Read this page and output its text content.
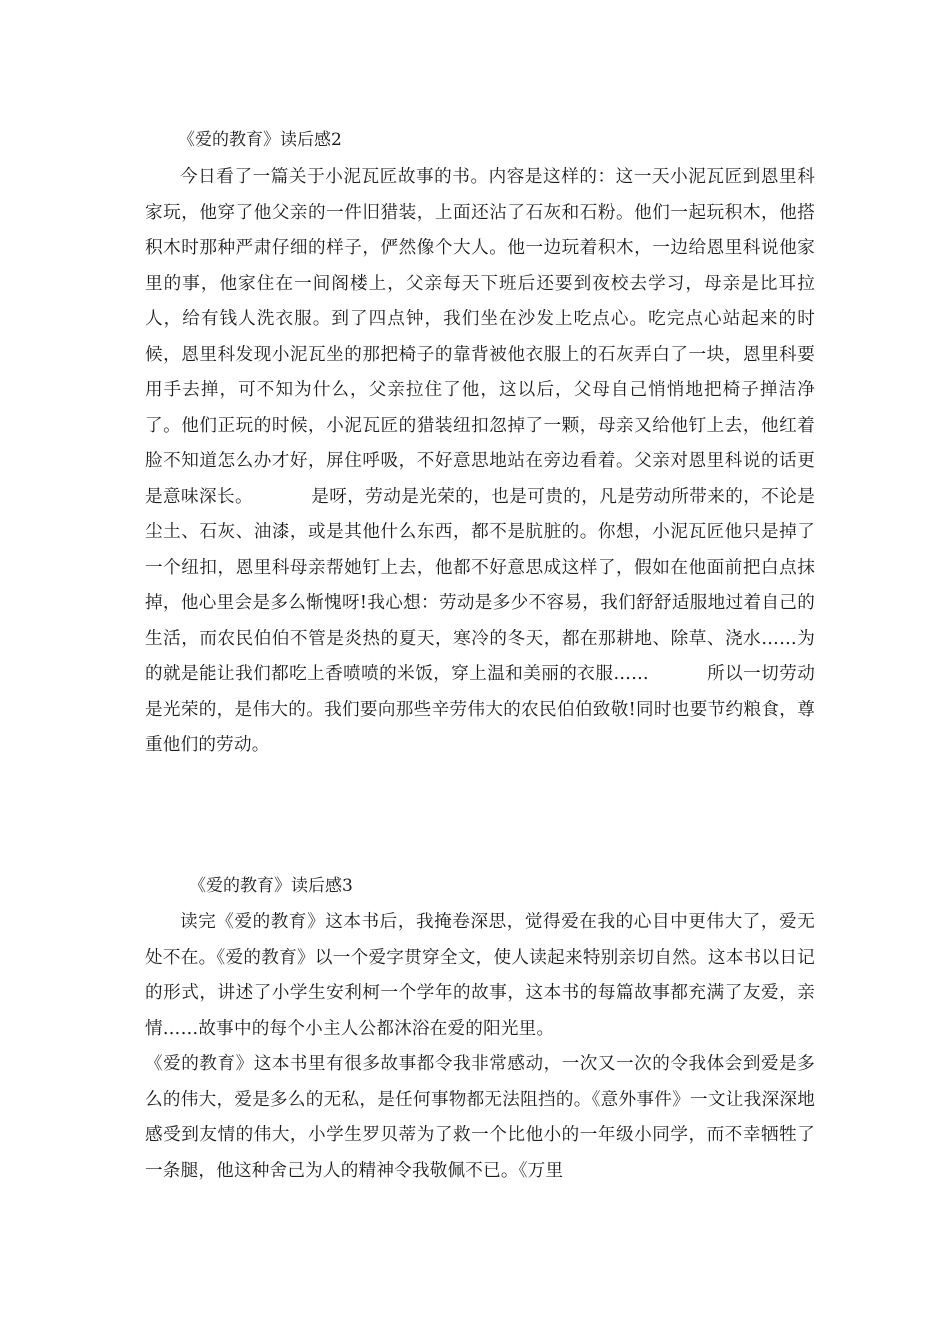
《爱的教育》读后感2

今日看了一篇关于小泥瓦匠故事的书。内容是这样的：这一天小泥瓦匠到恩里科家玩，他穿了他父亲的一件旧猎装，上面还沾了石灰和石粉。他们一起玩积木，他搭积木时那种严肃仔细的样子，俨然像个大人。他一边玩着积木，一边给恩里科说他家里的事，他家住在一间阁楼上，父亲每天下班后还要到夜校去学习，母亲是比耳拉人，给有钱人洗衣服。到了四点钟，我们坐在沙发上吃点心。吃完点心站起来的时候，恩里科发现小泥瓦坐的那把椅子的靠背被他衣服上的石灰弄白了一块，恩里科要用手去掸，可不知为什么，父亲拉住了他，这以后，父母自己悄悄地把椅子掸洁净了。他们正玩的时候，小泥瓦匠的猎装纽扣忽掉了一颗，母亲又给他钉上去，他红着脸不知道怎么办才好，屏住呼吸，不好意思地站在旁边看着。父亲对恩里科说的话更是意味深长。	是呀，劳动是光荣的，也是可贵的，凡是劳动所带来的，不论是尘土、石灰、油漆，或是其他什么东西，都不是肮脏的。你想，小泥瓦匠他只是掉了一个纽扣，恩里科母亲帮她钉上去，他都不好意思成这样了，假如在他面前把白点抹掉，他心里会是多么惭愧呀!我心想：劳动是多少不容易，我们舒舒适服地过着自己的生活，而农民伯伯不管是炎热的夏天，寒冷的冬天，都在那耕地、除草、浇水……为的就是能让我们都吃上香喷喷的米饭，穿上温和美丽的衣服……	所以一切劳动是光荣的，是伟大的。我们要向那些辛劳伟大的农民伯伯致敬!同时也要节约粮食，尊重他们的劳动。

《爱的教育》读后感3

读完《爱的教育》这本书后，我掩卷深思，觉得爱在我的心目中更伟大了，爱无处不在。《爱的教育》以一个爱字贯穿全文，使人读起来特别亲切自然。这本书以日记的形式，讲述了小学生安利柯一个学年的故事，这本书的每篇故事都充满了友爱，亲情……故事中的每个小主人公都沐浴在爱的阳光里。
《爱的教育》这本书里有很多故事都令我非常感动，一次又一次的令我体会到爱是多么的伟大，爱是多么的无私，是任何事物都无法阻挡的。《意外事件》一文让我深深地感受到友情的伟大，小学生罗贝蒂为了救一个比他小的一年级小同学，而不幸牺牲了一条腿，他这种舍己为人的精神令我敬佩不已。《万里
